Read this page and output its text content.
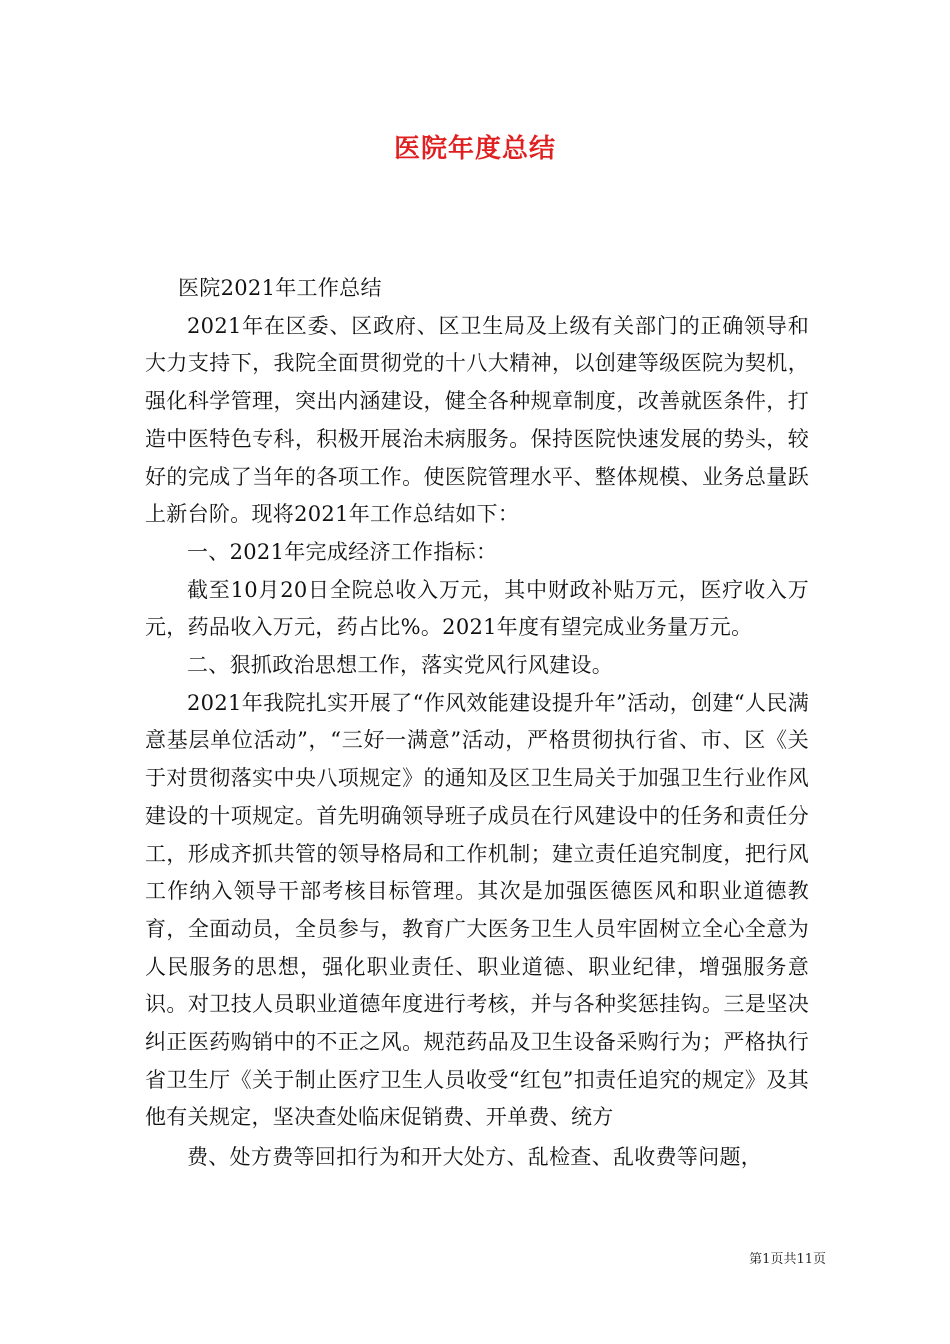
医院年度总结

医院2021年工作总结

2021年在区委、区政府、区卫生局及上级有关部门的正确领导和大力支持下，我院全面贯彻党的十八大精神，以创建等级医院为契机，强化科学管理，突出内涵建设，健全各种规章制度，改善就医条件，打造中医特色专科，积极开展治未病服务。保持医院快速发展的势头，较好的完成了当年的各项工作。使医院管理水平、整体规模、业务总量跃上新台阶。现将2021年工作总结如下：

一、2021年完成经济工作指标：

截至10月20日全院总收入万元，其中财政补贴万元，医疗收入万元，药品收入万元，药占比%。2021年度有望完成业务量万元。

二、狠抓政治思想工作，落实党风行风建设。

2021年我院扎实开展了“作风效能建设提升年”活动，创建“人民满意基层单位活动”，“三好一满意”活动，严格贯彻执行省、市、区《关于对贯彻落实中央八项规定》的通知及区卫生局关于加强卫生行业作风建设的十项规定。首先明确领导班子成员在行风建设中的任务和责任分工，形成齐抓共管的领导格局和工作机制；建立责任追究制度，把行风工作纳入领导干部考核目标管理。其次是加强医德医风和职业道德教育，全面动员，全员参与，教育广大医务卫生人员牢固树立全心全意为人民服务的思想，强化职业责任、职业道德、职业纪律，增强服务意识。对卫技人员职业道德年度进行考核，并与各种奖惩挂钩。三是坚决纠正医药购销中的不正之风。规范药品及卫生设备采购行为；严格执行省卫生厅《关于制止医疗卫生人员收受“红包”扣责任追究的规定》及其他有关规定，坚决查处临床促销费、开单费、统方

费、处方费等回扣行为和开大处方、乱检查、乱收费等问题，

第1页共11页
